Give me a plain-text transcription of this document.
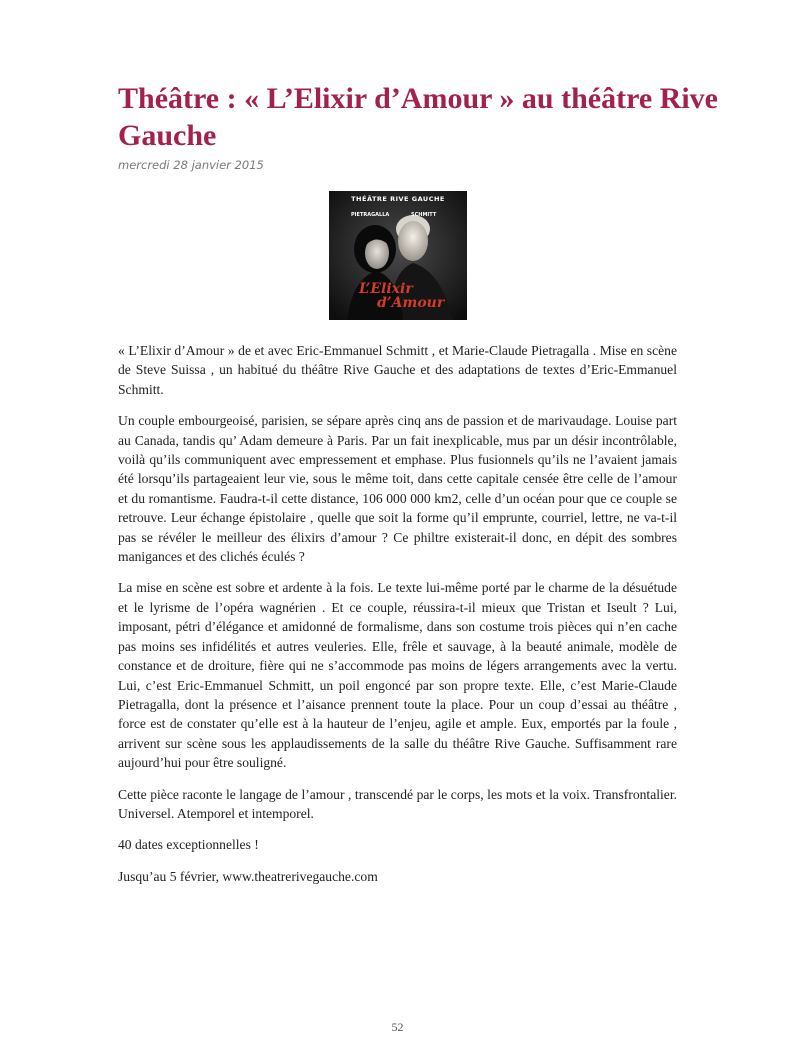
Théâtre : « L’Elixir d’Amour » au théâtre Rive Gauche
mercredi 28 janvier 2015
THÉÂTRE RIVE GAUCHE
PIETRAGALLA	SCHMITT
L’Elixir
d’Amour

« L’Elixir d’Amour » de et avec Eric-Emmanuel Schmitt , et Marie-Claude Pietragalla . Mise en scène de Steve Suissa , un habitué du théâtre Rive Gauche et des adaptations de textes d’Eric-Emmanuel Schmitt.

Un couple embourgeoisé, parisien, se sépare après cinq ans de passion et de marivaudage. Louise part au Canada, tandis qu’ Adam demeure à Paris. Par un fait inexplicable, mus par un désir incontrôlable, voilà qu’ils communiquent avec empressement et emphase. Plus fusionnels qu’ils ne l’avaient jamais été lorsqu’ils partageaient leur vie, sous le même toit, dans cette capitale censée être celle de l’amour et du romantisme. Faudra-t-il cette distance, 106 000 000 km2, celle d’un océan pour que ce couple se retrouve. Leur échange épistolaire , quelle que soit la forme qu’il emprunte, courriel, lettre, ne va-t-il pas se révéler le meilleur des élixirs d’amour ? Ce philtre existerait-il donc, en dépit des sombres manigances et des clichés éculés ?

La mise en scène est sobre et ardente à la fois. Le texte lui-même porté par le charme de la désuétude et le lyrisme de l’opéra wagnérien . Et ce couple, réussira-t-il mieux que Tristan et Iseult ? Lui, imposant, pétri d’élégance et amidonné de formalisme, dans son costume trois pièces qui n’en cache pas moins ses infidélités et autres veuleries. Elle, frêle et sauvage, à la beauté animale, modèle de constance et de droiture, fière qui ne s’accommode pas moins de légers arrangements avec la vertu. Lui, c’est Eric-Emmanuel Schmitt, un poil engoncé par son propre texte. Elle, c’est Marie-Claude Pietragalla, dont la présence et l’aisance prennent toute la place. Pour un coup d’essai au théâtre , force est de constater qu’elle est à la hauteur de l’enjeu, agile et ample. Eux, emportés par la foule , arrivent sur scène sous les applaudissements de la salle du théâtre Rive Gauche. Suffisamment rare aujourd’hui pour être souligné.

Cette pièce raconte le langage de l’amour , transcendé par le corps, les mots et la voix. Transfrontalier. Universel. Atemporel et intemporel.

40 dates exceptionnelles !

Jusqu’au 5 février, www.theatrerivegauche.com

52
